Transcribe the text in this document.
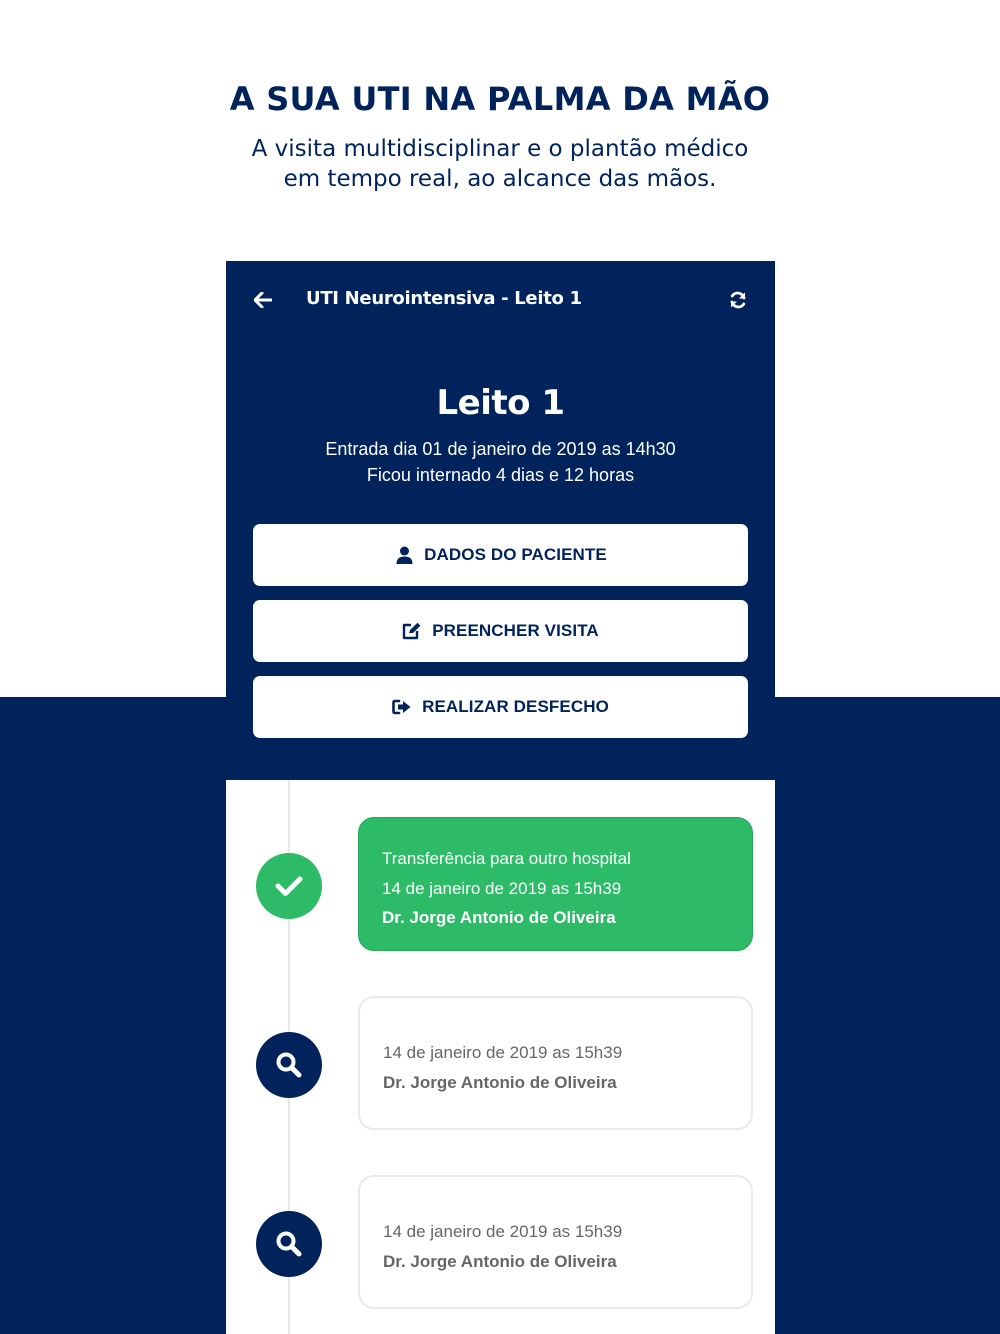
A SUA UTI NA PALMA DA MÃO
A visita multidisciplinar e o plantão médico
em tempo real, ao alcance das mãos.
UTI Neurointensiva - Leito 1
Leito 1
Entrada dia 01 de janeiro de 2019 as 14h30
Ficou internado 4 dias e 12 horas
DADOS DO PACIENTE
PREENCHER VISITA
REALIZAR DESFECHO
Transferência para outro hospital
14 de janeiro de 2019 as 15h39
Dr. Jorge Antonio de Oliveira
14 de janeiro de 2019 as 15h39
Dr. Jorge Antonio de Oliveira
14 de janeiro de 2019 as 15h39
Dr. Jorge Antonio de Oliveira
